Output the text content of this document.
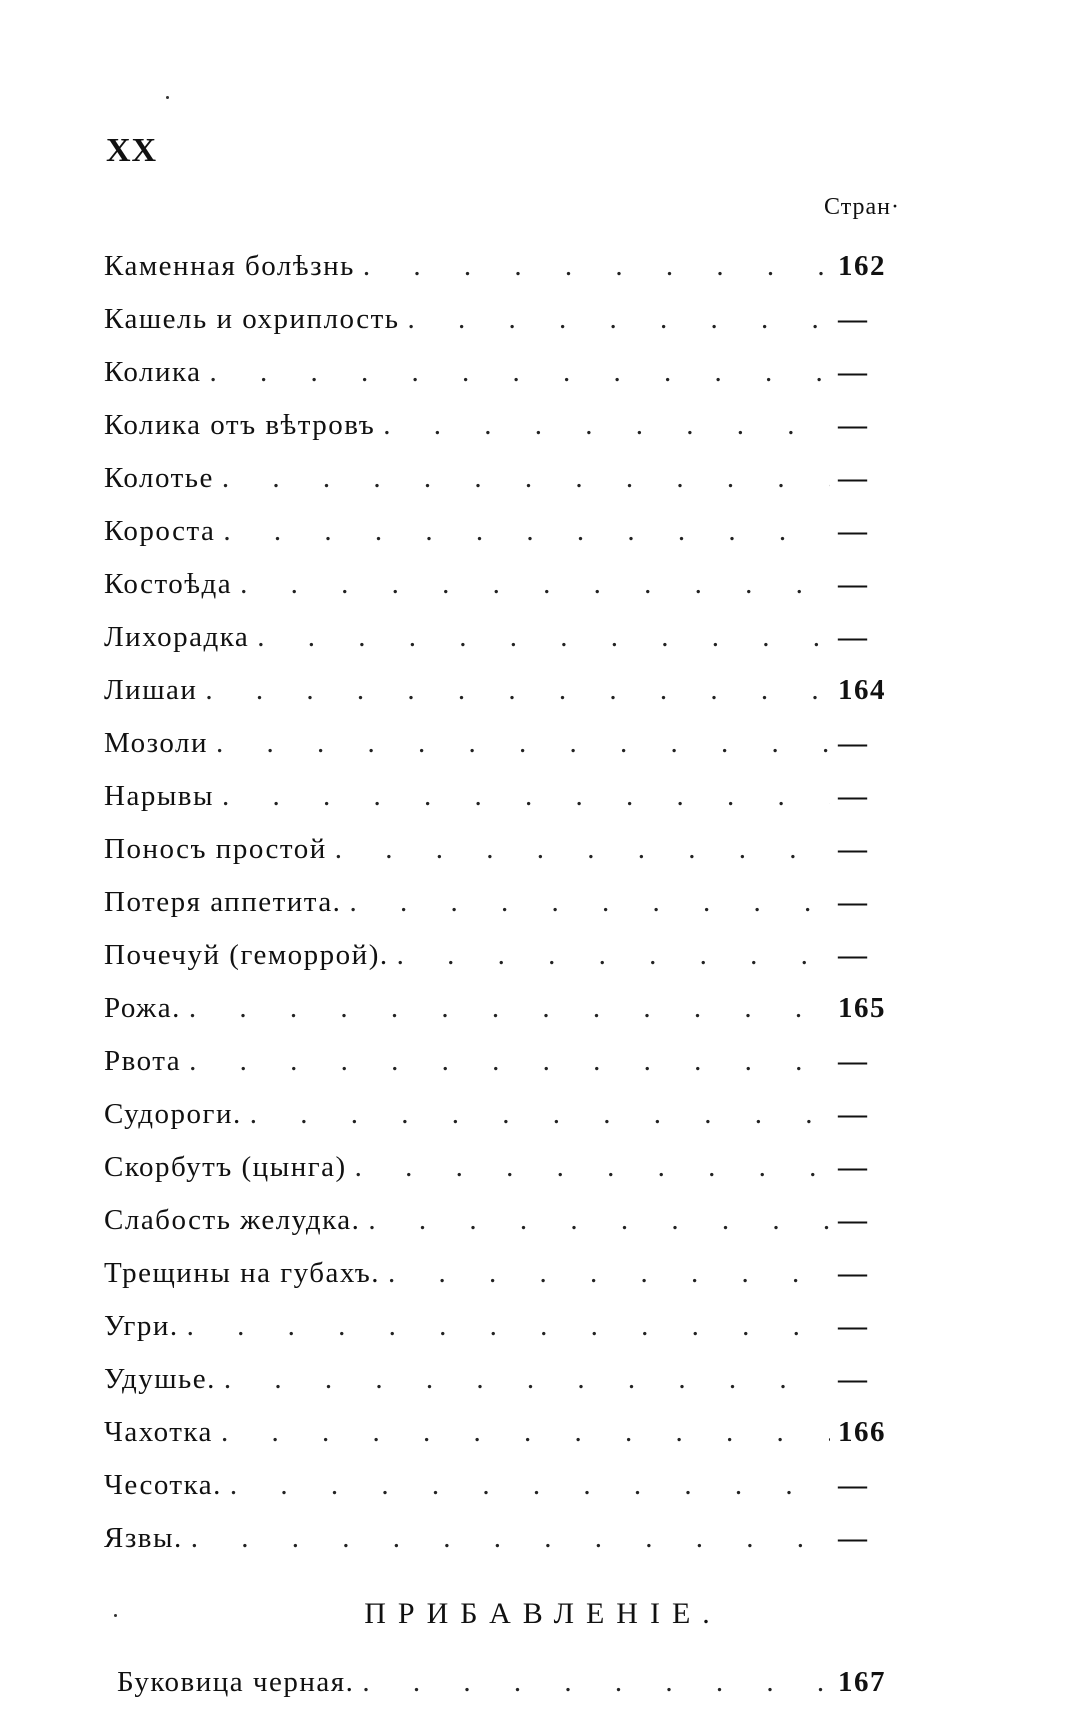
XX
Стран·
Каменная болѣзнь . . .	162
Кашель и охриплость . . .	—
Колика . . .	—
Колика отъ вѣтровъ . . .	—
Колотье . . .	—
Короста . . .	—
Костоѣда . . .	—
Лихорадка . . .	—
Лишаи . . .	164
Мозоли . . .	—
Нарывы . . .	—
Поносъ простой . . .	—
Потеря аппетита. . . .	—
Почечуй (геморрой). . . .	—
Рожа. . . .	165
Рвота . . .	—
Судороги. . . .	—
Скорбутъ (цынга) . . .	—
Слабость желудка. . . .	—
Трещины на губахъ. . . .	—
Угри. . . .	—
Удушье. . . .	—
Чахотка . . .	166
Чесотка. . . .	—
Язвы. . . .	—
ПРИБАВЛЕНІЕ.
Буковица черная. . . .	167
